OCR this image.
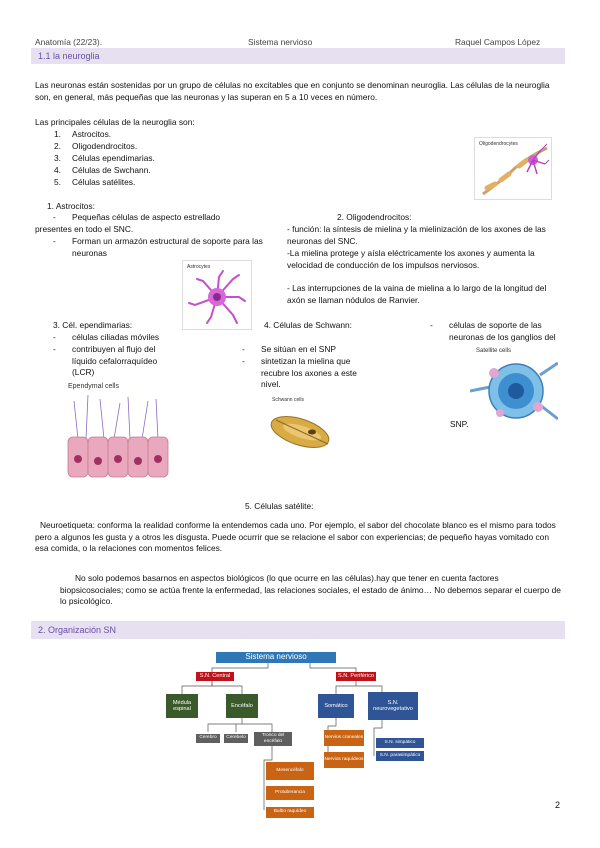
Anatomía (22/23).	Sistema nervioso	Raquel Campos López
1.1 la neuroglia
Las neuronas están sostenidas por un grupo de células no excitables que en conjunto se denominan neuroglia. Las células de la neuroglia son, en general, más pequeñas que las neuronas y las superan en 5 a 10 veces en número.
Las principales células de la neuroglia son:
1. Astrocitos.
2. Oligodendrocitos.
3. Células ependimarias.
4. Células de Swchann.
5. Células satélites.
Oligodendrocytes
1. Astrocitos:
- Pequeñas células de aspecto estrellado
presentes en todo el SNC.
- Forman un armazón estructural de soporte para las neuronas
Astrocytes
2. Oligodendrocitos:
- función: la síntesis de mielina y la mielinización de los axones de las neuronas del SNC.
-La mielina protege y aísla eléctricamente los axones y aumenta la velocidad de conducción de los impulsos nerviosos.
- Las interrupciones de la vaina de mielina a lo largo de la longitud del axón se llaman nódulos de Ranvier.
3. Cél. ependimarias:
- células ciliadas móviles
- contribuyen al flujo del líquido cefalorraquídeo (LCR)
Ependymal cells
4. Células de Schwann:
- Se sitúan en el SNP
- sintetizan la mielina que recubre los axones a este nivel.
Schwann cells
- células de soporte de las neuronas de los ganglios del
Satellite cells
SNP.
5. Células satélite:
Neuroetiqueta: conforma la realidad conforme la entendemos cada uno. Por ejemplo, el sabor del chocolate blanco es el mismo para todos pero a algunos les gusta y a otros les disgusta. Puede ocurrir que se relacione el sabor con experiencias; de pequeño hayas vomitado con esa comida, o la relaciones con momentos felices.
No solo podemos basarnos en aspectos biológicos (lo que ocurre en las células).hay que tener en cuenta factores biopsicosociales; como se actúa frente la enfermedad, las relaciones sociales, el estado de ánimo… No debemos separar el cuerpo de lo psicológico.
2. Organización SN
Sistema nervioso
S.N. Central	S.N. Periférico
Médula espinal
Encéfalo
Cerebro	Cerebelo
Tronco del encéfalo
Mesencéfalo
Protuberancia
Bulbo raquídeo
Somático
S.N. neurovegetativo
Nervios craneales
Nervios raquídeos
S.N. simpático
S.N. parasimpático
2
